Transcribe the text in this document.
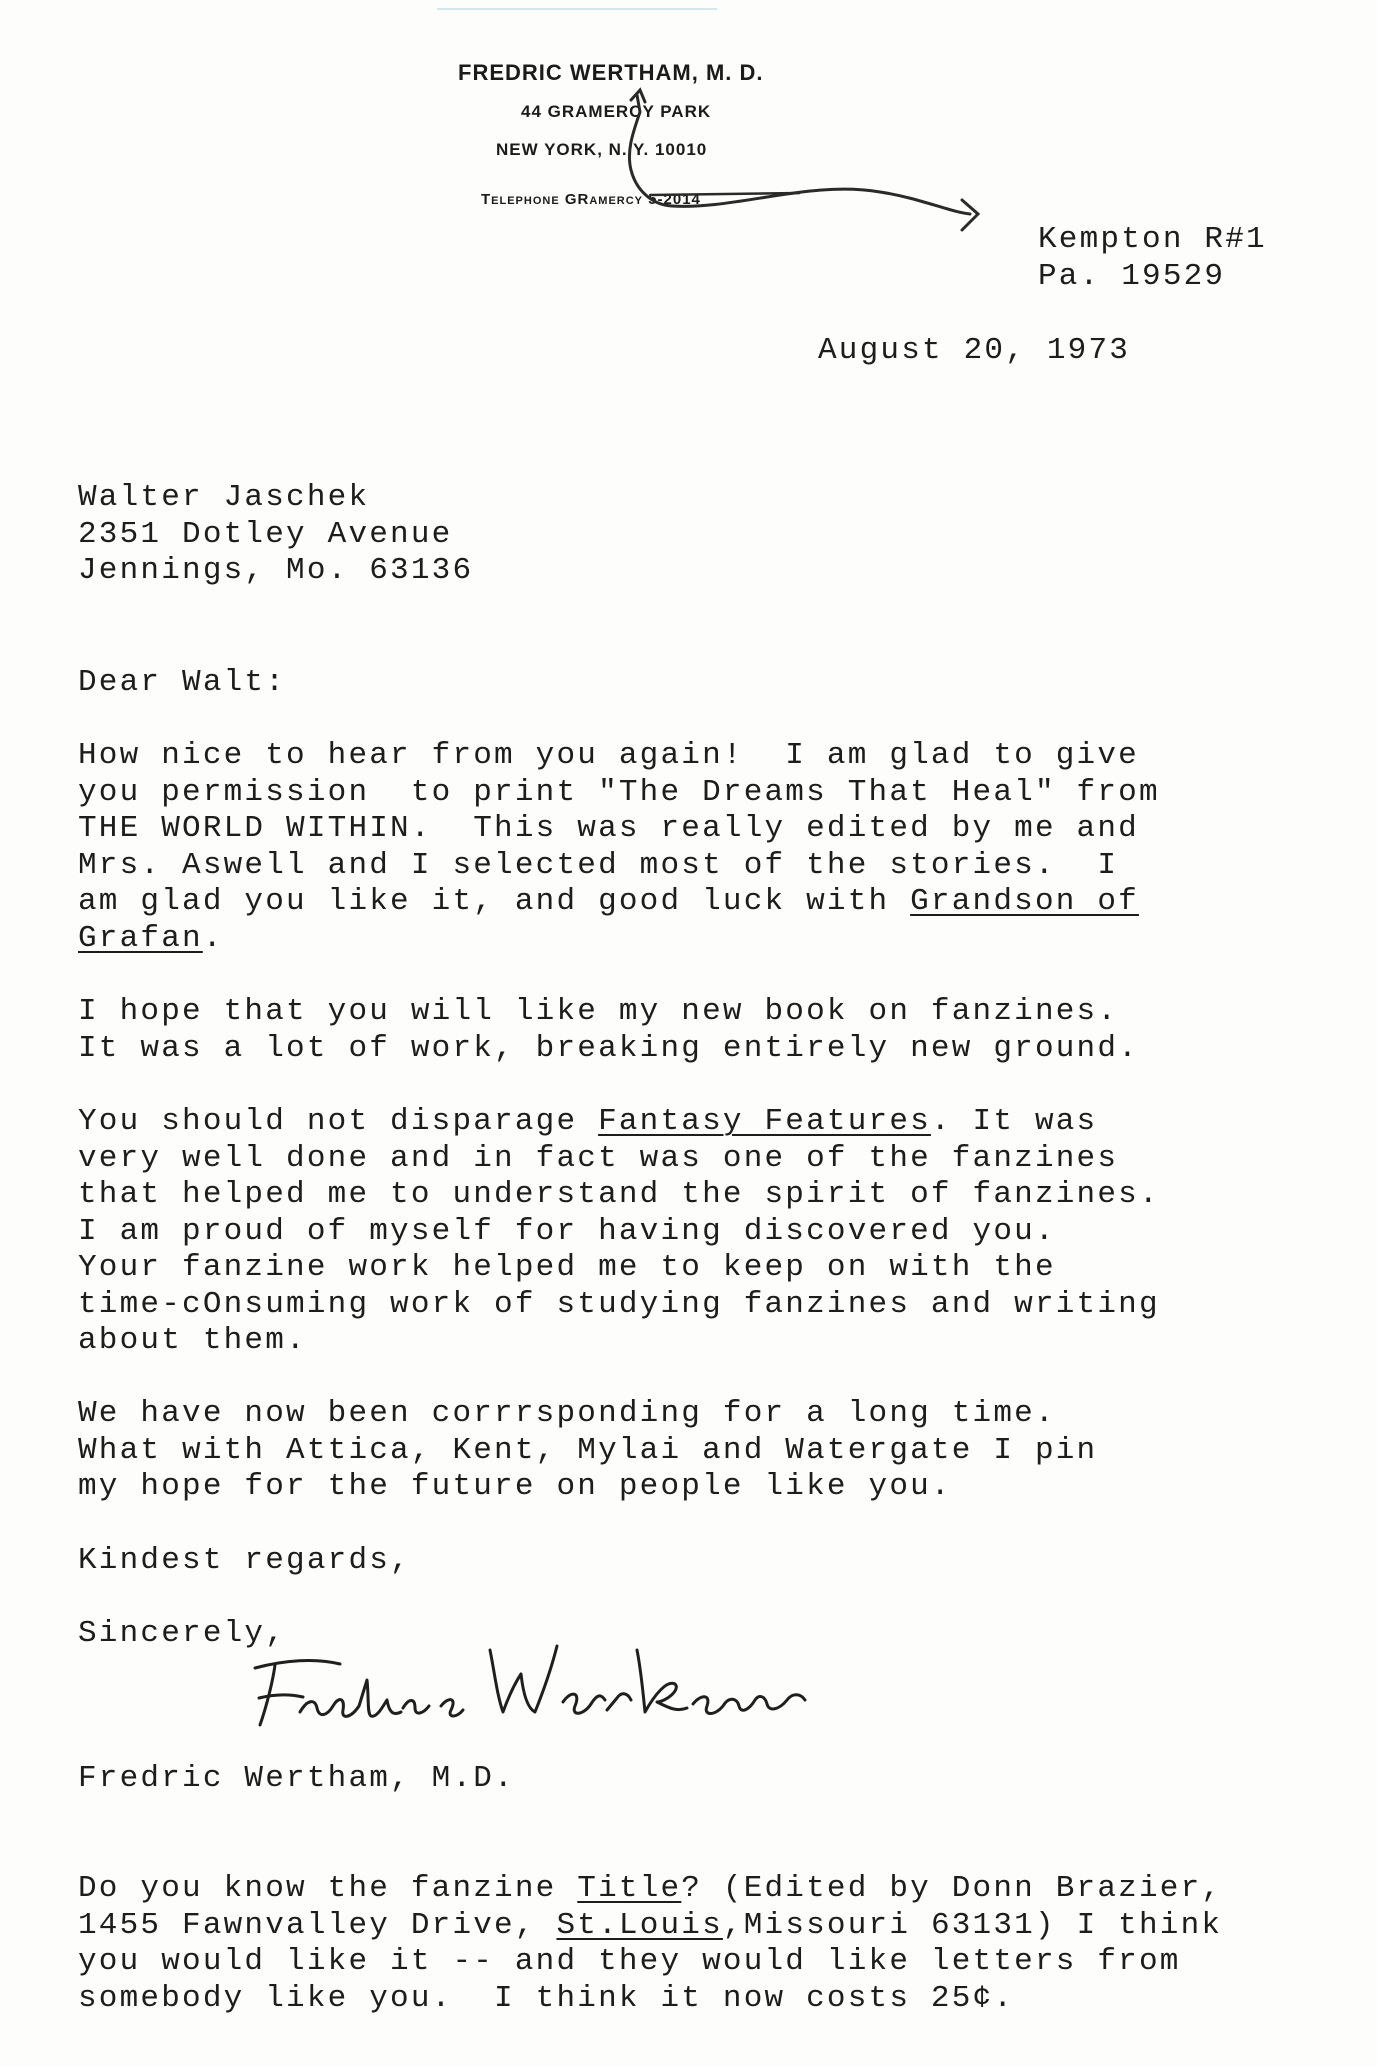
FREDRIC WERTHAM, M. D.
44 GRAMERCY PARK
NEW YORK, N. Y. 10010
Telephone GRamercy 5-2014
Kempton R#1
Pa. 19529
August 20, 1973
Walter Jaschek
2351 Dotley Avenue
Jennings, Mo. 63136
Dear Walt:
How nice to hear from you again!  I am glad to give
you permission  to print "The Dreams That Heal" from
THE WORLD WITHIN.  This was really edited by me and
Mrs. Aswell and I selected most of the stories.  I
am glad you like it, and good luck with Grandson of
Grafan.
I hope that you will like my new book on fanzines.
It was a lot of work, breaking entirely new ground.
You should not disparage Fantasy Features. It was
very well done and in fact was one of the fanzines
that helped me to understand the spirit of fanzines.
I am proud of myself for having discovered you.
Your fanzine work helped me to keep on with the
time-cOnsuming work of studying fanzines and writing
about them.
We have now been corrrsponding for a long time.
What with Attica, Kent, Mylai and Watergate I pin
my hope for the future on people like you.
Kindest regards,
Sincerely,
Fredric Wertham, M.D.
Do you know the fanzine Title? (Edited by Donn Brazier,
1455 Fawnvalley Drive, St.Louis,Missouri 63131) I think
you would like it -- and they would like letters from
somebody like you.  I think it now costs 25¢.
